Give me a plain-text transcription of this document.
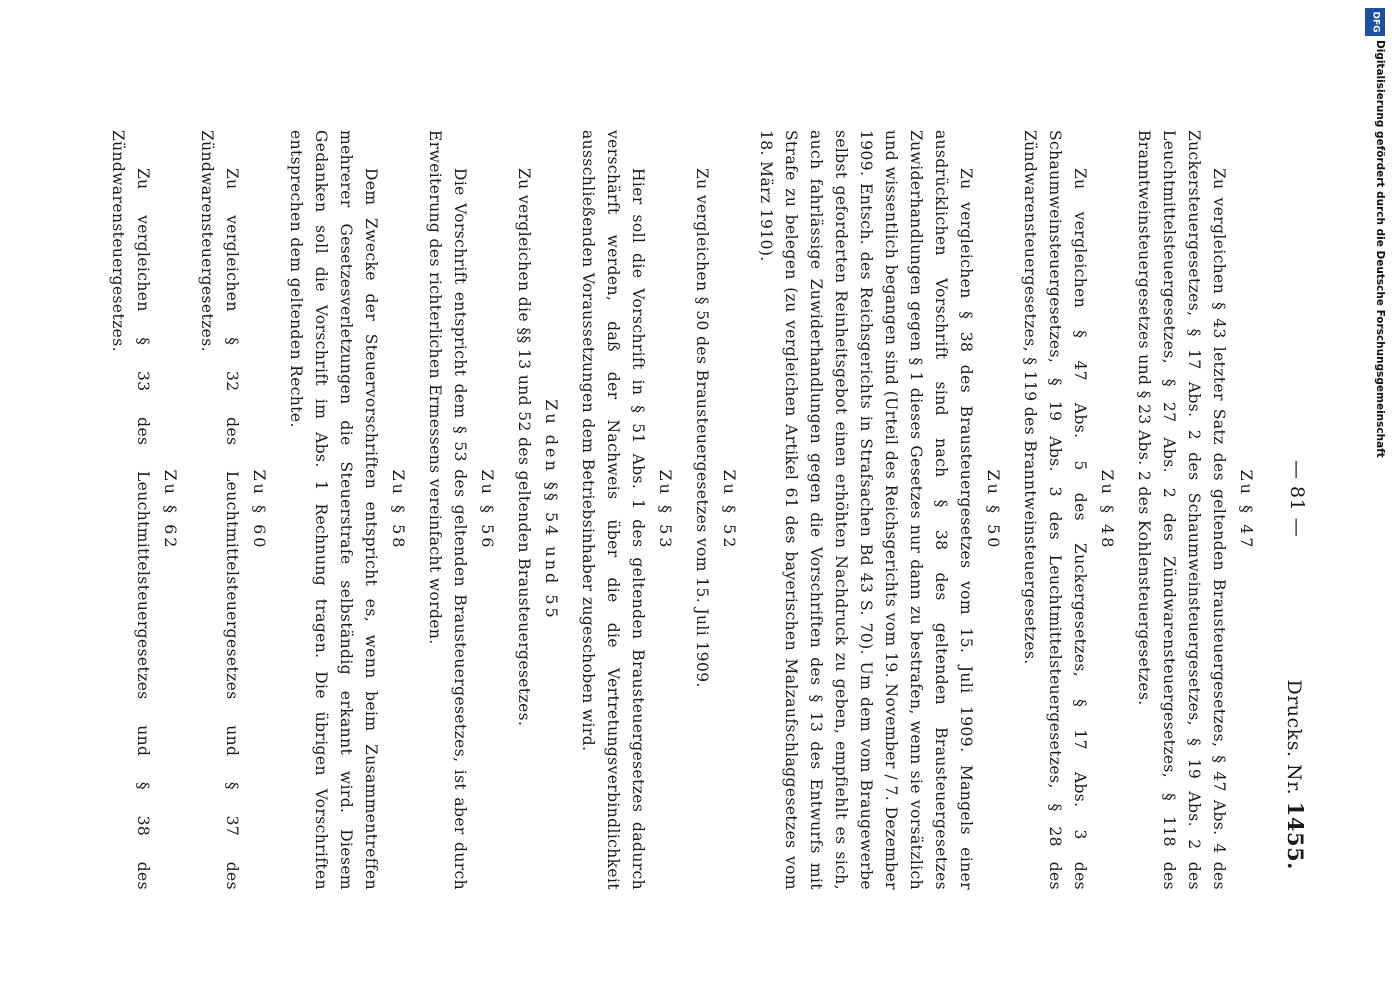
— 81 —
Drucks. Nr. 1455.
Zu § 47

Zu vergleichen § 43 letzter Satz des geltenden Brausteuergesetzes, § 47 Abs. 4 des Zuckersteuergesetzes, § 17 Abs. 2 des Schaumweinsteuergesetzes, § 19 Abs. 2 des Leuchtmittelsteuergesetzes, § 27 Abs. 2 des Zündwarensteuergesetzes, § 118 des Branntweinsteuergesetzes und § 23 Abs. 2 des Kohlensteuergesetzes.

Zu § 48

Zu vergleichen § 47 Abs. 5 des Zuckergesetzes, § 17 Abs. 3 des Schaumweinsteuergesetzes, § 19 Abs. 3 des Leuchtmittelsteuergesetzes, § 28 des Zündwarensteuergesetzes, § 119 des Branntweinsteuergesetzes.

Zu § 50

Zu vergleichen § 38 des Brausteuergesetzes vom 15. Juli 1909. Mangels einer ausdrücklichen Vorschrift sind nach § 38 des geltenden Brausteuergesetzes Zuwiderhandlungen gegen § 1 dieses Gesetzes nur dann zu bestrafen, wenn sie vorsätzlich und wissentlich begangen sind (Urteil des Reichsgerichts vom 19. November / 7. Dezember 1909. Entsch. des Reichsgerichts in Strafsachen Bd 43 S. 70). Um dem vom Braugewerbe selbst geforderten Reinheitsgebot einen erhöhten Nachdruck zu geben, empfiehlt es sich, auch fahrlässige Zuwiderhandlungen gegen die Vorschriften des § 13 des Entwurfs mit Strafe zu belegen (zu vergleichen Artikel 61 des bayerischen Malzaufschlaggesetzes vom 18. März 1910).

Zu § 52

Zu vergleichen § 50 des Brausteuergesetzes vom 15. Juli 1909.

Zu § 53

Hier soll die Vorschrift in § 51 Abs. 1 des geltenden Brausteuergesetzes dadurch verschärft werden, daß der Nachweis über die die Vertretungsverbindlichkeit ausschließenden Voraussetzungen dem Betriebsinhaber zugeschoben wird.

Zu den §§ 54 und 55

Zu vergleichen die §§ 13 und 52 des geltenden Brausteuergesetzes.

Zu § 56

Die Vorschrift entspricht dem § 53 des geltenden Brausteuergesetzes, ist aber durch Erweiterung des richterlichen Ermessens vereinfacht worden.

Zu § 58

Dem Zwecke der Steuervorschriften entspricht es, wenn beim Zusammentreffen mehrerer Gesetzesverletzungen die Steuerstrafe selbständig erkannt wird. Diesem Gedanken soll die Vorschrift im Abs. 1 Rechnung tragen. Die übrigen Vorschriften entsprechen dem geltenden Rechte.

Zu § 60

Zu vergleichen § 32 des Leuchtmittelsteuergesetzes und § 37 des Zündwarensteuergesetzes.

Zu § 62

Zu vergleichen § 33 des Leuchtmittelsteuergesetzes und § 38 des Zündwarensteuergesetzes.

DFG
Digitalisierung gefördert durch die Deutsche Forschungsgemeinschaft
